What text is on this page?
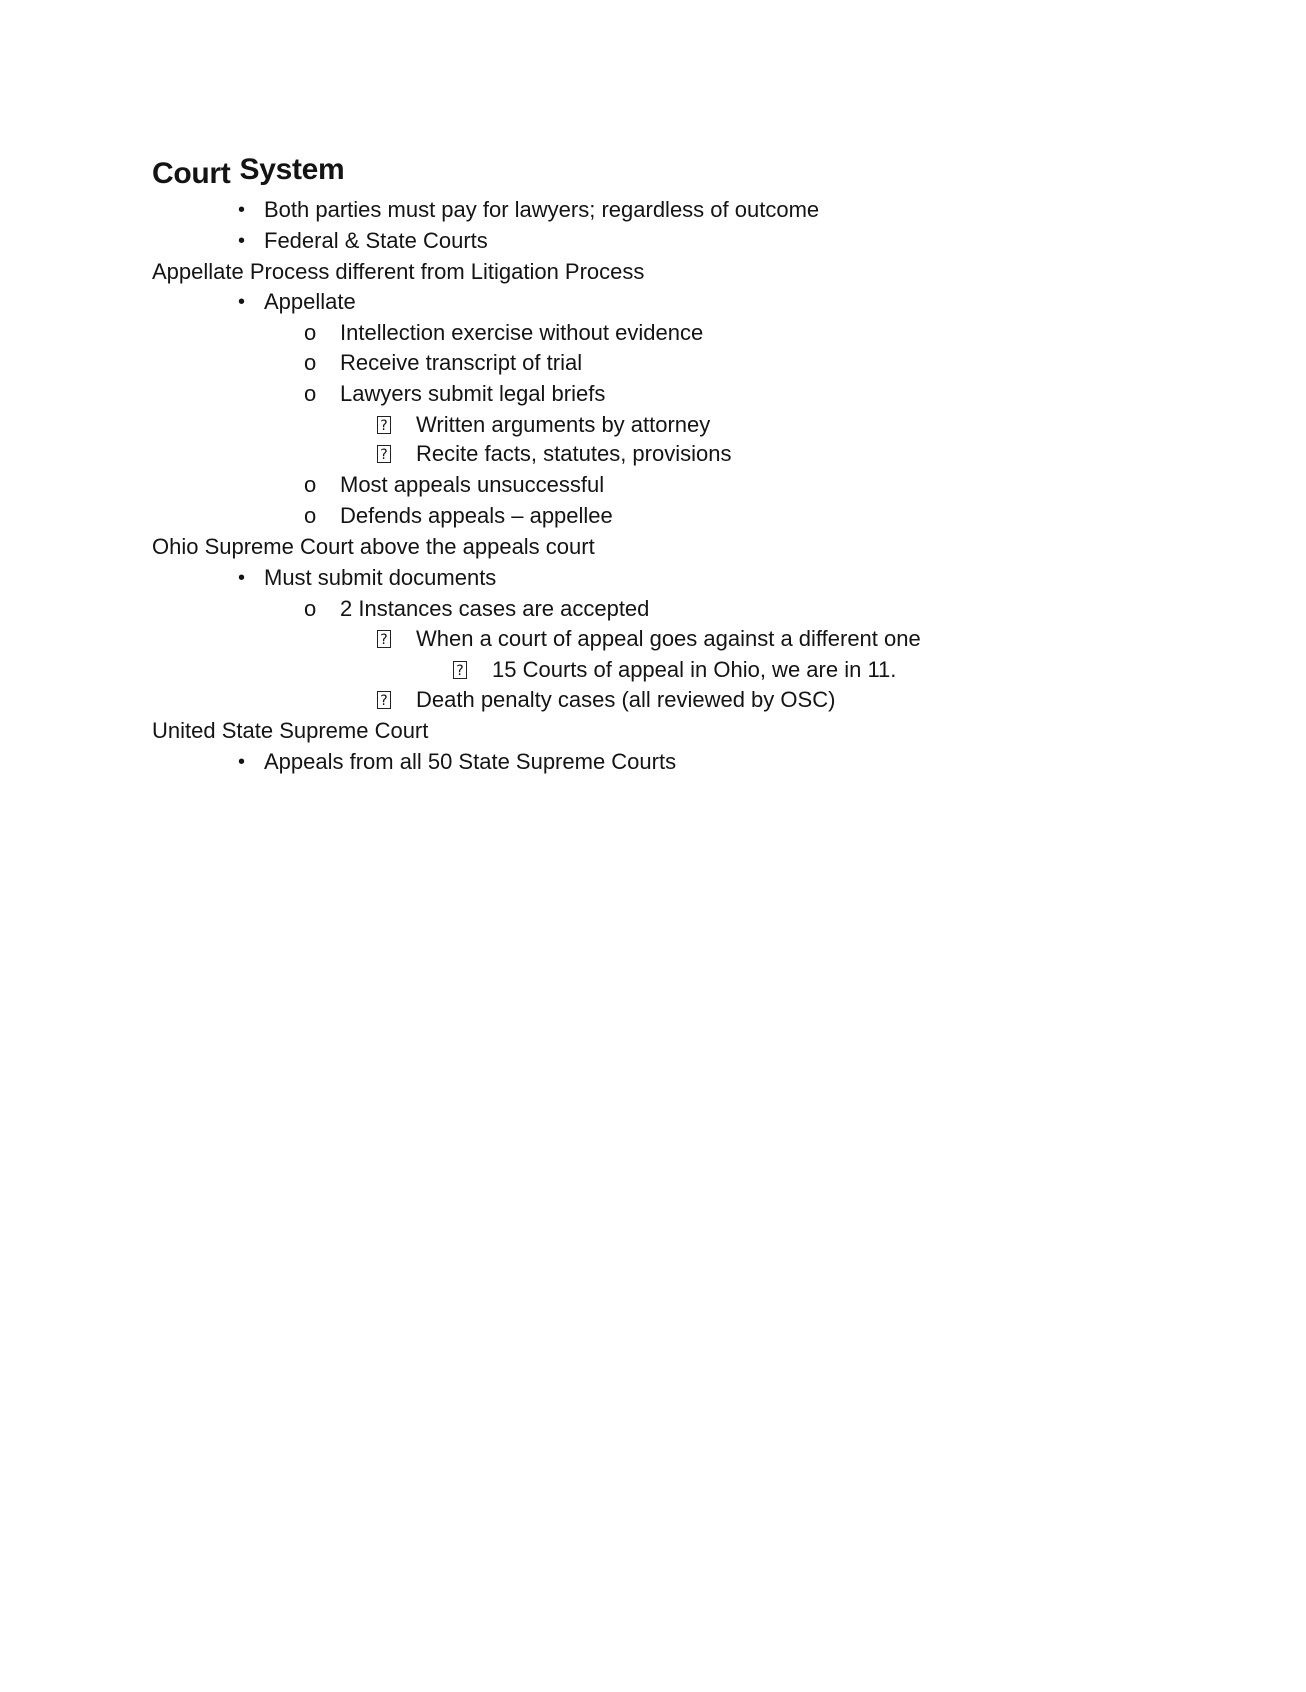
Court System
• Both parties must pay for lawyers; regardless of outcome
• Federal & State Courts
Appellate Process different from Litigation Process
• Appellate
o Intellection exercise without evidence
o Receive transcript of trial
o Lawyers submit legal briefs
? Written arguments by attorney
? Recite facts, statutes, provisions
o Most appeals unsuccessful
o Defends appeals – appellee
Ohio Supreme Court above the appeals court
• Must submit documents
o 2 Instances cases are accepted
? When a court of appeal goes against a different one
? 15 Courts of appeal in Ohio, we are in 11.
? Death penalty cases (all reviewed by OSC)
United State Supreme Court
• Appeals from all 50 State Supreme Courts
